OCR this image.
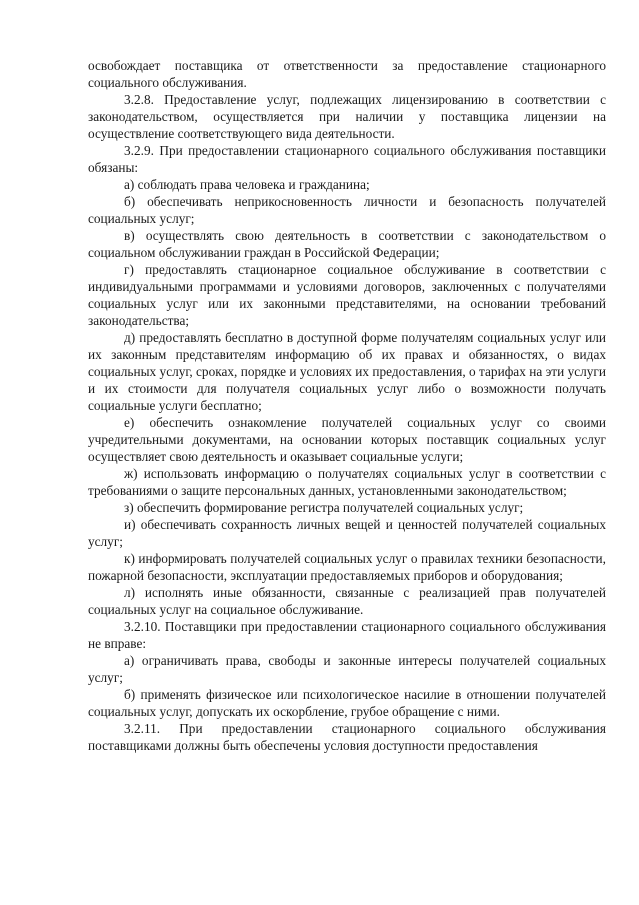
освобождает поставщика от ответственности за предоставление стационарного социального обслуживания.

3.2.8. Предоставление услуг, подлежащих лицензированию в соответствии с законодательством, осуществляется при наличии у поставщика лицензии на осуществление соответствующего вида деятельности.

3.2.9. При предоставлении стационарного социального обслуживания поставщики обязаны:

а) соблюдать права человека и гражданина;

б) обеспечивать неприкосновенность личности и безопасность получателей социальных услуг;

в) осуществлять свою деятельность в соответствии с законодательством о социальном обслуживании граждан в Российской Федерации;

г) предоставлять стационарное социальное обслуживание в соответствии с индивидуальными программами и условиями договоров, заключенных с получателями социальных услуг или их законными представителями, на основании требований законодательства;

д) предоставлять бесплатно в доступной форме получателям социальных услуг или их законным представителям информацию об их правах и обязанностях, о видах социальных услуг, сроках, порядке и условиях их предоставления, о тарифах на эти услуги и их стоимости для получателя социальных услуг либо о возможности получать социальные услуги бесплатно;

е) обеспечить ознакомление получателей социальных услуг со своими учредительными документами, на основании которых поставщик социальных услуг осуществляет свою деятельность и оказывает социальные услуги;

ж) использовать информацию о получателях социальных услуг в соответствии с требованиями о защите персональных данных, установленными законодательством;

з) обеспечить формирование регистра получателей социальных услуг;

и) обеспечивать сохранность личных вещей и ценностей получателей социальных услуг;

к) информировать получателей социальных услуг о правилах техники безопасности, пожарной безопасности, эксплуатации предоставляемых приборов и оборудования;

л) исполнять иные обязанности, связанные с реализацией прав получателей социальных услуг на социальное обслуживание.

3.2.10. Поставщики при предоставлении стационарного социального обслуживания не вправе:

а) ограничивать права, свободы и законные интересы получателей социальных услуг;

б) применять физическое или психологическое насилие в отношении получателей социальных услуг, допускать их оскорбление, грубое обращение с ними.

3.2.11. При предоставлении стационарного социального обслуживания поставщиками должны быть обеспечены условия доступности предоставления
